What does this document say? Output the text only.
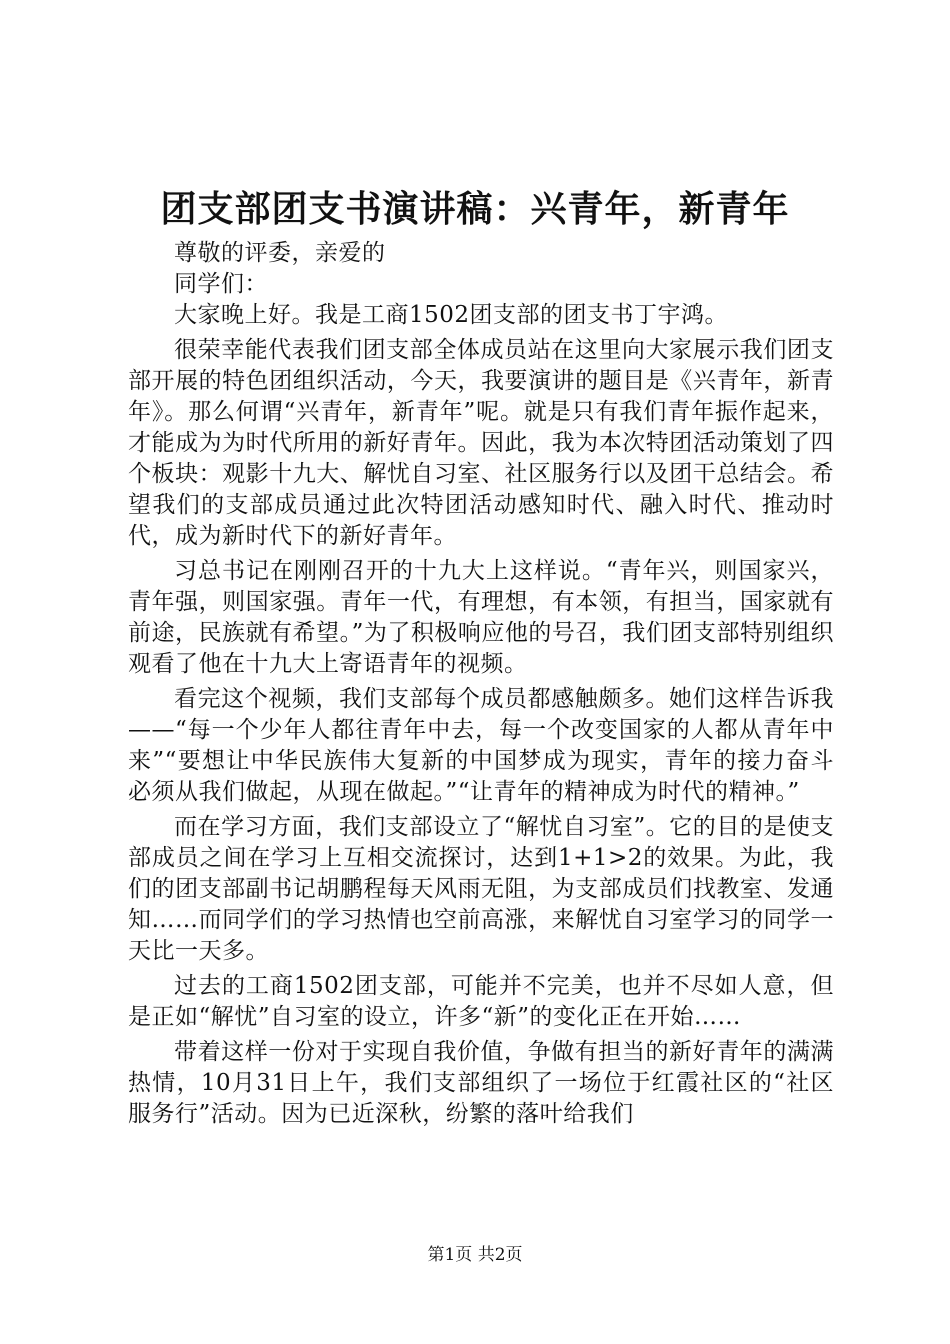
团支部团支书演讲稿：兴青年，新青年

尊敬的评委，亲爱的

同学们：

大家晚上好。我是工商1502团支部的团支书丁宇鸿。

很荣幸能代表我们团支部全体成员站在这里向大家展示我们团支部开展的特色团组织活动，今天，我要演讲的题目是《兴青年，新青年》。那么何谓“兴青年，新青年”呢。就是只有我们青年振作起来，才能成为为时代所用的新好青年。因此，我为本次特团活动策划了四个板块：观影十九大、解忧自习室、社区服务行以及团干总结会。希望我们的支部成员通过此次特团活动感知时代、融入时代、推动时代，成为新时代下的新好青年。

习总书记在刚刚召开的十九大上这样说。“青年兴，则国家兴，青年强，则国家强。青年一代，有理想，有本领，有担当，国家就有前途，民族就有希望。”为了积极响应他的号召，我们团支部特别组织观看了他在十九大上寄语青年的视频。

看完这个视频，我们支部每个成员都感触颇多。她们这样告诉我——“每一个少年人都往青年中去，每一个改变国家的人都从青年中来”“要想让中华民族伟大复新的中国梦成为现实，青年的接力奋斗必须从我们做起，从现在做起。”“让青年的精神成为时代的精神。”

而在学习方面，我们支部设立了“解忧自习室”。它的目的是使支部成员之间在学习上互相交流探讨，达到1+1>2的效果。为此，我们的团支部副书记胡鹏程每天风雨无阻，为支部成员们找教室、发通知……而同学们的学习热情也空前高涨，来解忧自习室学习的同学一天比一天多。

过去的工商1502团支部，可能并不完美，也并不尽如人意，但是正如“解忧”自习室的设立，许多“新”的变化正在开始……

带着这样一份对于实现自我价值，争做有担当的新好青年的满满热情，10月31日上午，我们支部组织了一场位于红霞社区的“社区服务行”活动。因为已近深秋，纷繁的落叶给我们

第1页 共2页
